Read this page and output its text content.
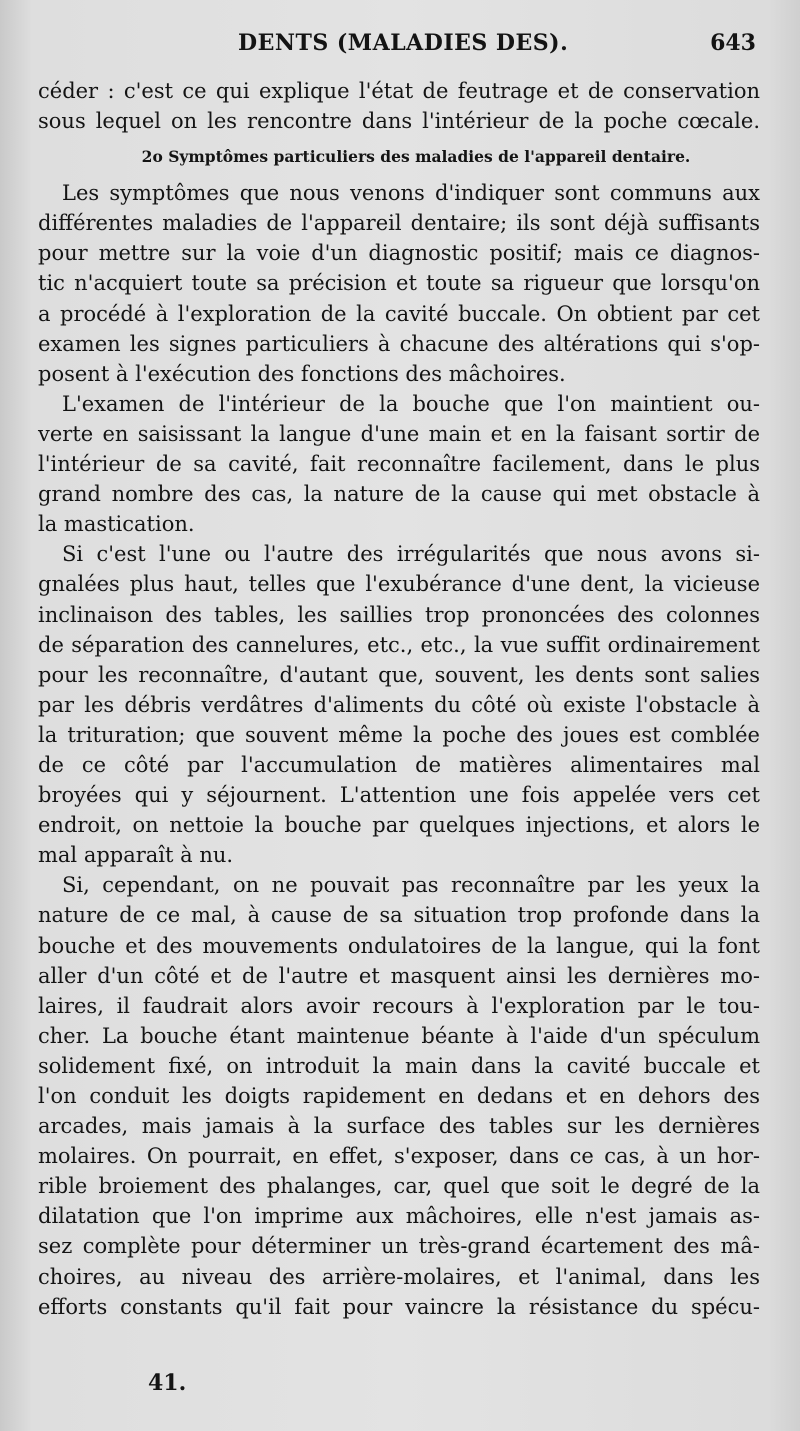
DENTS (MALADIES DES).	643
céder : c'est ce qui explique l'état de feutrage et de conservation
sous lequel on les rencontre dans l'intérieur de la poche cœcale.
2o Symptômes particuliers des maladies de l'appareil dentaire.
Les symptômes que nous venons d'indiquer sont communs aux
différentes maladies de l'appareil dentaire; ils sont déjà suffisants
pour mettre sur la voie d'un diagnostic positif; mais ce diagnos-
tic n'acquiert toute sa précision et toute sa rigueur que lorsqu'on
a procédé à l'exploration de la cavité buccale. On obtient par cet
examen les signes particuliers à chacune des altérations qui s'op-
posent à l'exécution des fonctions des mâchoires.
L'examen de l'intérieur de la bouche que l'on maintient ou-
verte en saisissant la langue d'une main et en la faisant sortir de
l'intérieur de sa cavité, fait reconnaître facilement, dans le plus
grand nombre des cas, la nature de la cause qui met obstacle à
la mastication.
Si c'est l'une ou l'autre des irrégularités que nous avons si-
gnalées plus haut, telles que l'exubérance d'une dent, la vicieuse
inclinaison des tables, les saillies trop prononcées des colonnes
de séparation des cannelures, etc., etc., la vue suffit ordinairement
pour les reconnaître, d'autant que, souvent, les dents sont salies
par les débris verdâtres d'aliments du côté où existe l'obstacle à
la trituration; que souvent même la poche des joues est comblée
de ce côté par l'accumulation de matières alimentaires mal
broyées qui y séjournent. L'attention une fois appelée vers cet
endroit, on nettoie la bouche par quelques injections, et alors le
mal apparaît à nu.
Si, cependant, on ne pouvait pas reconnaître par les yeux la
nature de ce mal, à cause de sa situation trop profonde dans la
bouche et des mouvements ondulatoires de la langue, qui la font
aller d'un côté et de l'autre et masquent ainsi les dernières mo-
laires, il faudrait alors avoir recours à l'exploration par le tou-
cher. La bouche étant maintenue béante à l'aide d'un spéculum
solidement fixé, on introduit la main dans la cavité buccale et
l'on conduit les doigts rapidement en dedans et en dehors des
arcades, mais jamais à la surface des tables sur les dernières
molaires. On pourrait, en effet, s'exposer, dans ce cas, à un hor-
rible broiement des phalanges, car, quel que soit le degré de la
dilatation que l'on imprime aux mâchoires, elle n'est jamais as-
sez complète pour déterminer un très-grand écartement des mâ-
choires, au niveau des arrière-molaires, et l'animal, dans les
efforts constants qu'il fait pour vaincre la résistance du spécu-
41.
